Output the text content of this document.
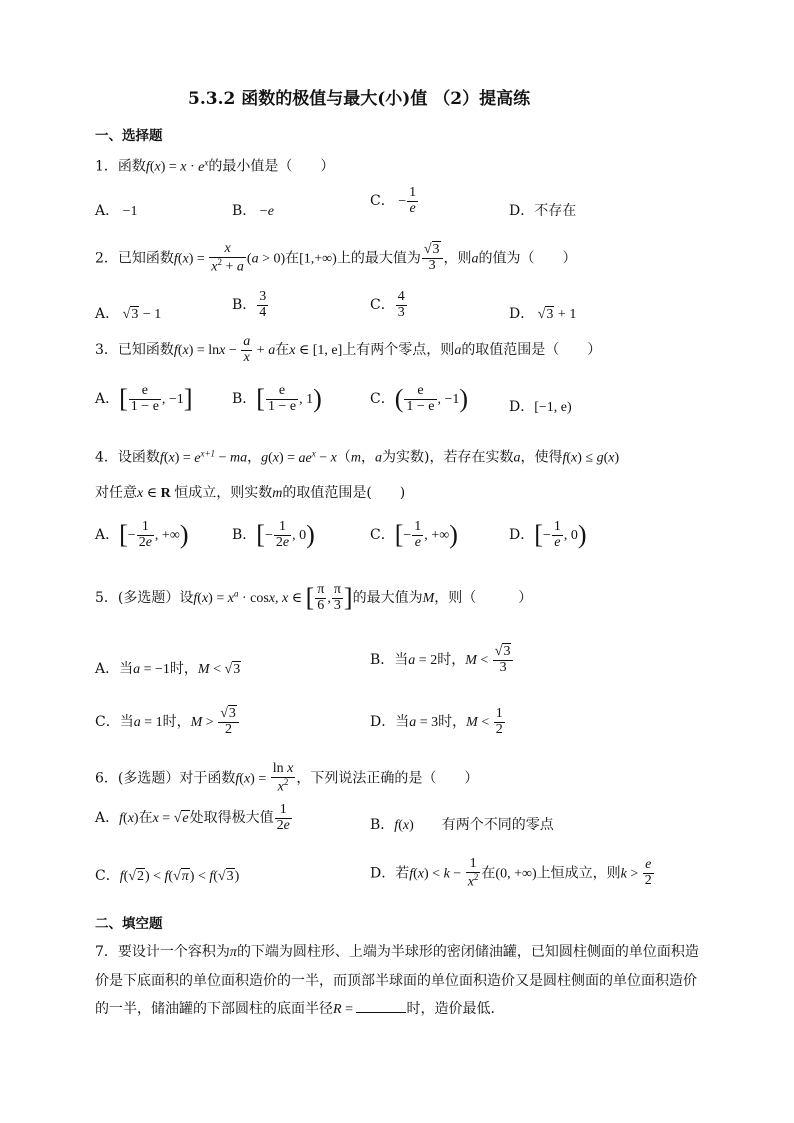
5.3.2 函数的极值与最大(小)值 （2）提高练
一、选择题
1．函数$f(x) = x \cdot e^x$的最小值是（　　）
A． −1	B． −e
C． − $\frac{1}{e}$	D．不存在
2．已知函数$f(x) = \frac{x}{x^2 + a} (a > 0)$在[1,+∞)上的最大值为 $\frac{√3}{3}$ ，则a的值为（　　）
A． √3 − 1
B． $\frac{3}{4}$	C． $\frac{4}{3}$	D． √3 + 1
3．已知函数$f(x) = \ln x - \frac{a}{x} + a$在x ∈ [1, e]上有两个零点，则a的取值范围是（　　）
A．[ $\frac{e}{1 - e}$ , −1]	B．[ $\frac{e}{1 - e}$ , 1)	C．( $\frac{e}{1 - e}$ , −1)	D．[−1, e)
4．设函数$f(x) = e^{x+1}$ − ma，$g(x) = ae^x - x(m$，a为实数)，若存在实数a，使得f(x) ≤ g(x)
对任意x ∈ R 恒成立，则实数m的取值范围是(　　)
A．[− $\frac{1}{2e}$ , +∞)	B．[− $\frac{1}{2e}$ , 0)	C．[− $\frac{1}{e}$ , +∞)	D．[− $\frac{1}{e}$ , 0)
5．(多选题）设$f(x) = x^a \cdot \cos x$, x ∈ [ $\frac{\pi}{6}$ , $\frac{\pi}{3}$ ]的最大值为M，则（　　　）
A．当a = −1时，M < √3
B．当a = 2时，$M < \frac{√3}{3}$
C．当a = 1时，$M > \frac{√3}{2}$	D．当a = 3时，$M < \frac{1}{2}$
6．(多选题）对于函数$f(x) = \frac{\text{ln x}}{x^2}$ ，下列说法正确的是（　　）
A．f(x)在x = √e处取得极大值 $\frac{1}{2e}$	B．f(x)　　有两个不同的零点
C．f(√2) < f(√π) < f(√3)	D．若$f(x) < k - \frac{1}{x^2}$ 在(0, +∞)上恒成立，则$k > \frac{e}{2}$
二、填空题
7．要设计一个容积为π的下端为圆柱形、上端为半球形的密闭储油罐，已知圆柱侧面的单位面积造价是下底面积的单位面积造价的一半，而顶部半球面的单位面积造价又是圆柱侧面的单位面积造价的一半，储油罐的下部圆柱的底面半径R =	时，造价最低．
